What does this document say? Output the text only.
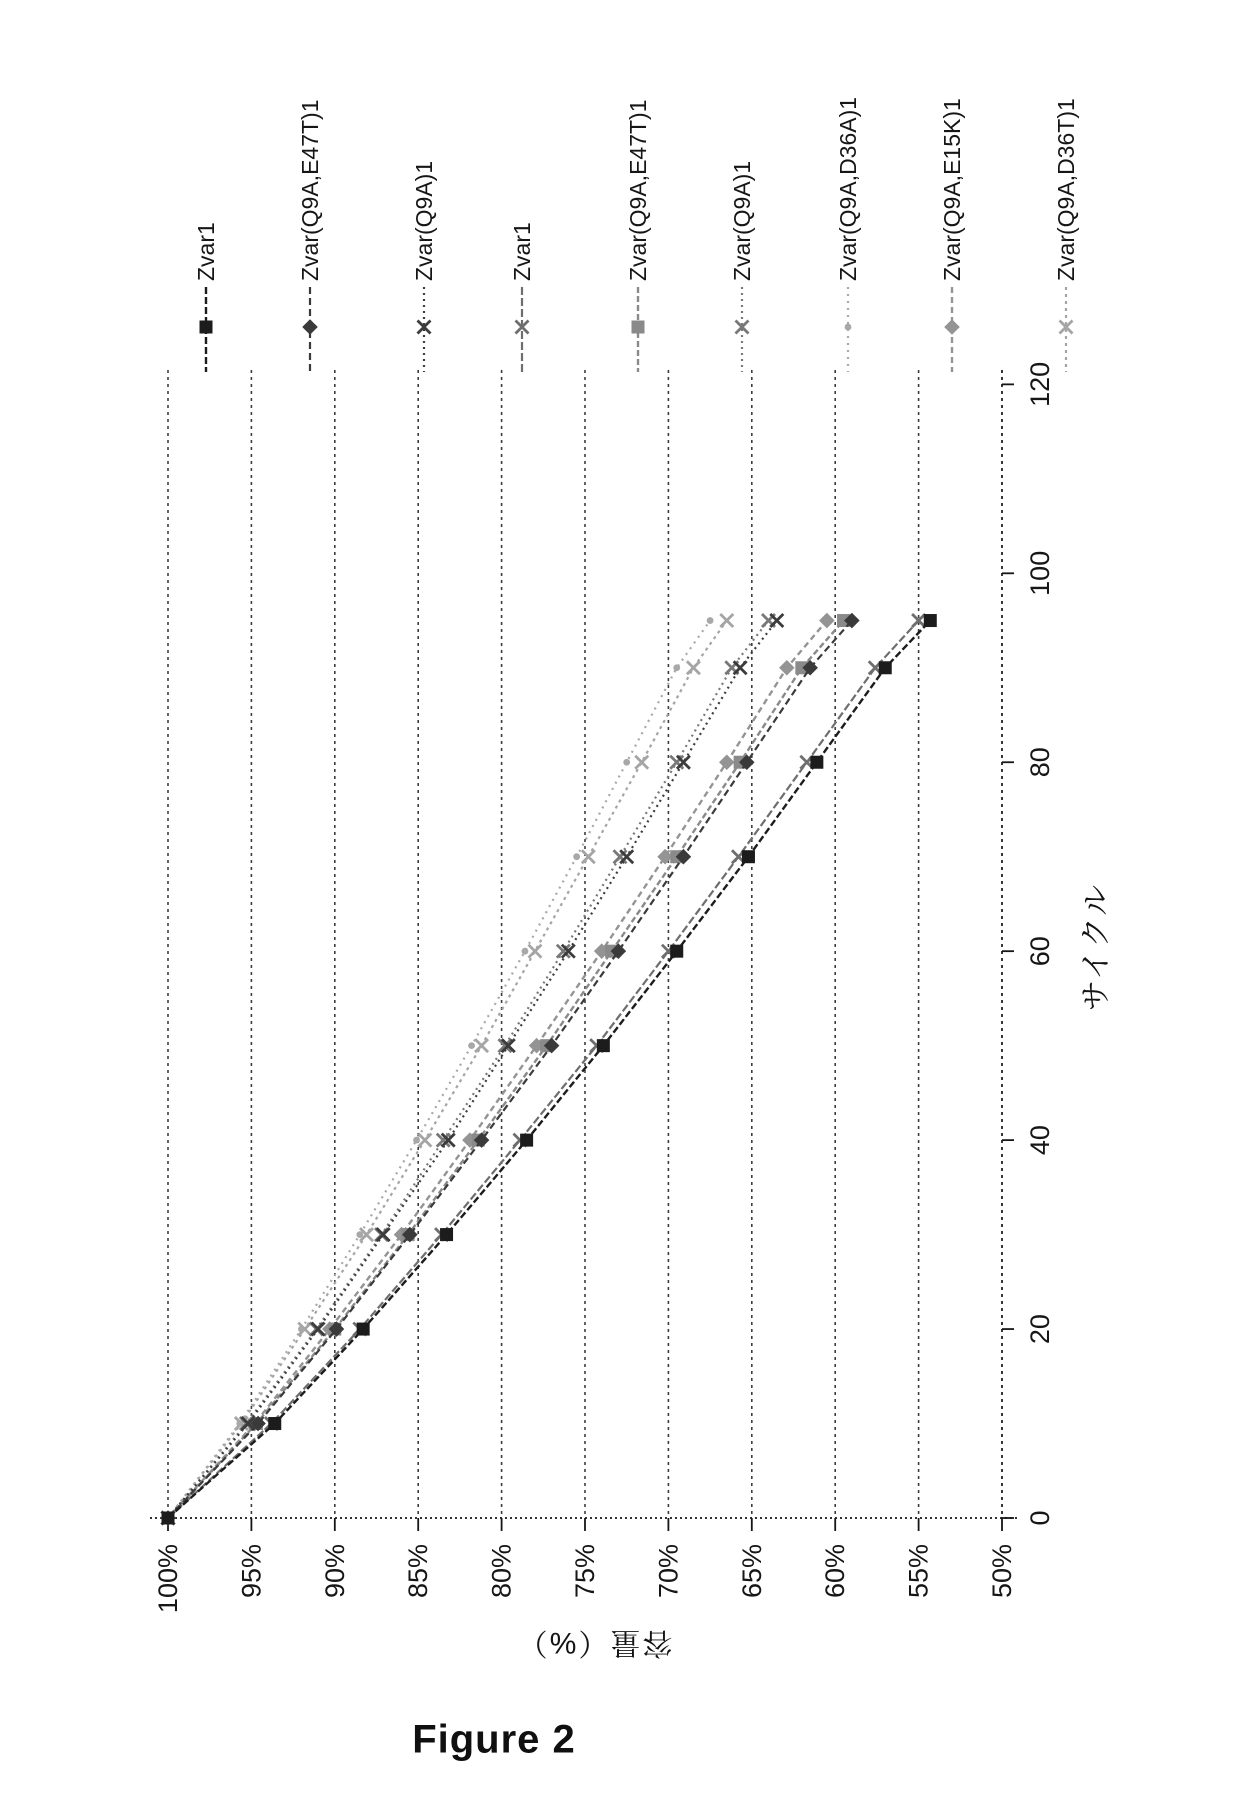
100% 95% 90% 85% 80% 75% 70% 65% 60% 55% 50%
0
20
40
60
80
100
120
Zvar1	Zvar(Q9A,E47T)1	Zvar(Q9A)1	Zvar1	Zvar(Q9A,E47T)1	Zvar(Q9A)1	Zvar(Q9A,D36A)1	Zvar(Q9A,E15K)1	Zvar(Q9A,D36T)1
サイクル
容量（%）
Figure 2
